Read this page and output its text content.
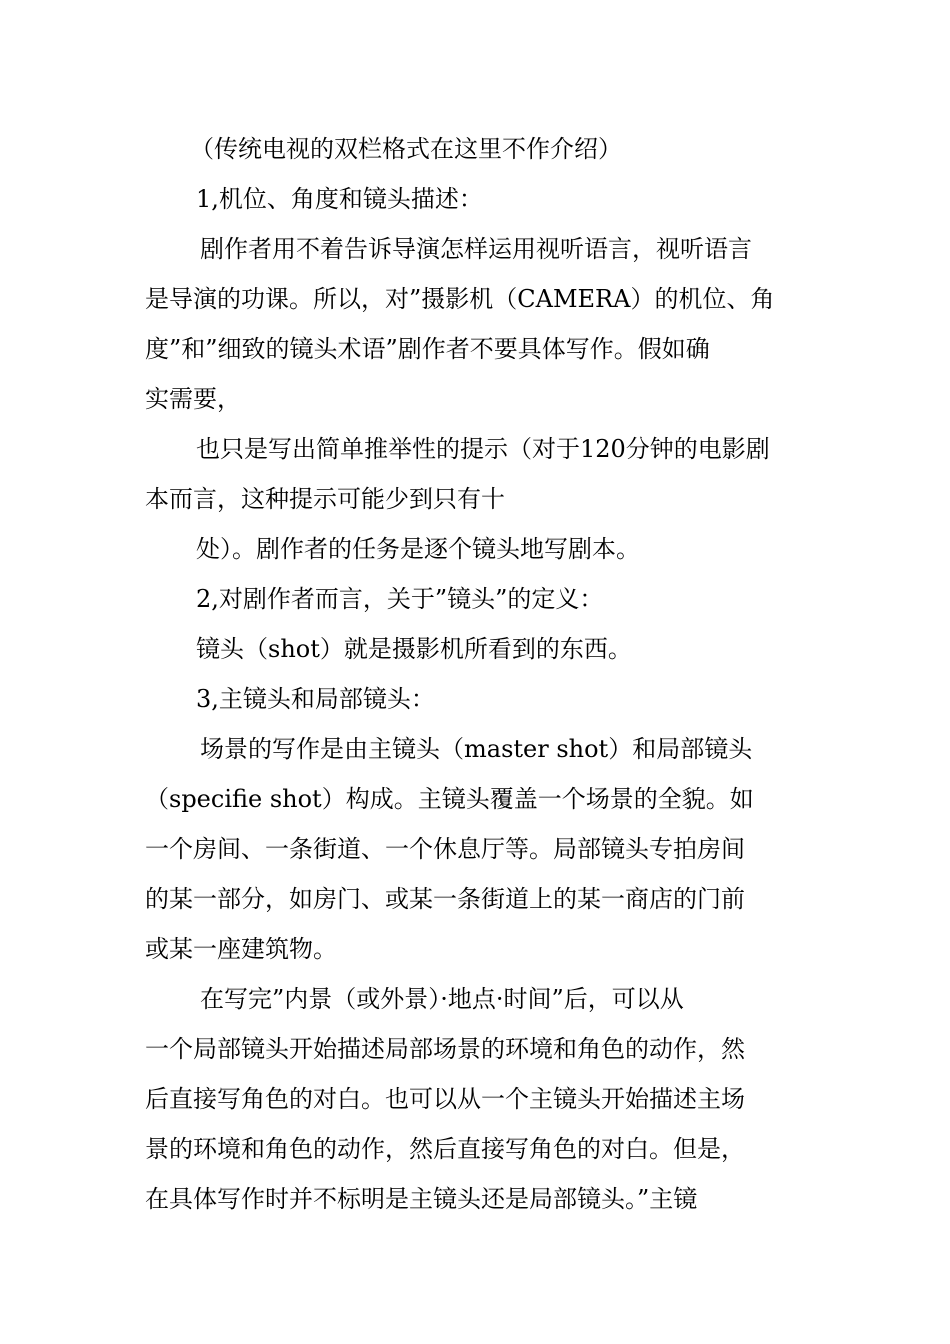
（传统电视的双栏格式在这里不作介绍）
1,机位、角度和镜头描述：
剧作者用不着告诉导演怎样运用视听语言，视听语言
是导演的功课。所以，对”摄影机（CAMERA）的机位、角
度”和”细致的镜头术语”剧作者不要具体写作。假如确
实需要，
也只是写出简单推举性的提示（对于120分钟的电影剧
本而言，这种提示可能少到只有十
处）。剧作者的任务是逐个镜头地写剧本。
2,对剧作者而言，关于”镜头”的定义：
镜头（shot）就是摄影机所看到的东西。
3,主镜头和局部镜头：
场景的写作是由主镜头（master shot）和局部镜头
（specifie shot）构成。主镜头覆盖一个场景的全貌。如
一个房间、一条街道、一个休息厅等。局部镜头专拍房间
的某一部分，如房门、或某一条街道上的某一商店的门前
或某一座建筑物。
在写完”内景（或外景）·地点·时间”后，可以从
一个局部镜头开始描述局部场景的环境和角色的动作，然
后直接写角色的对白。也可以从一个主镜头开始描述主场
景的环境和角色的动作，然后直接写角色的对白。但是，
在具体写作时并不标明是主镜头还是局部镜头。”主镜
